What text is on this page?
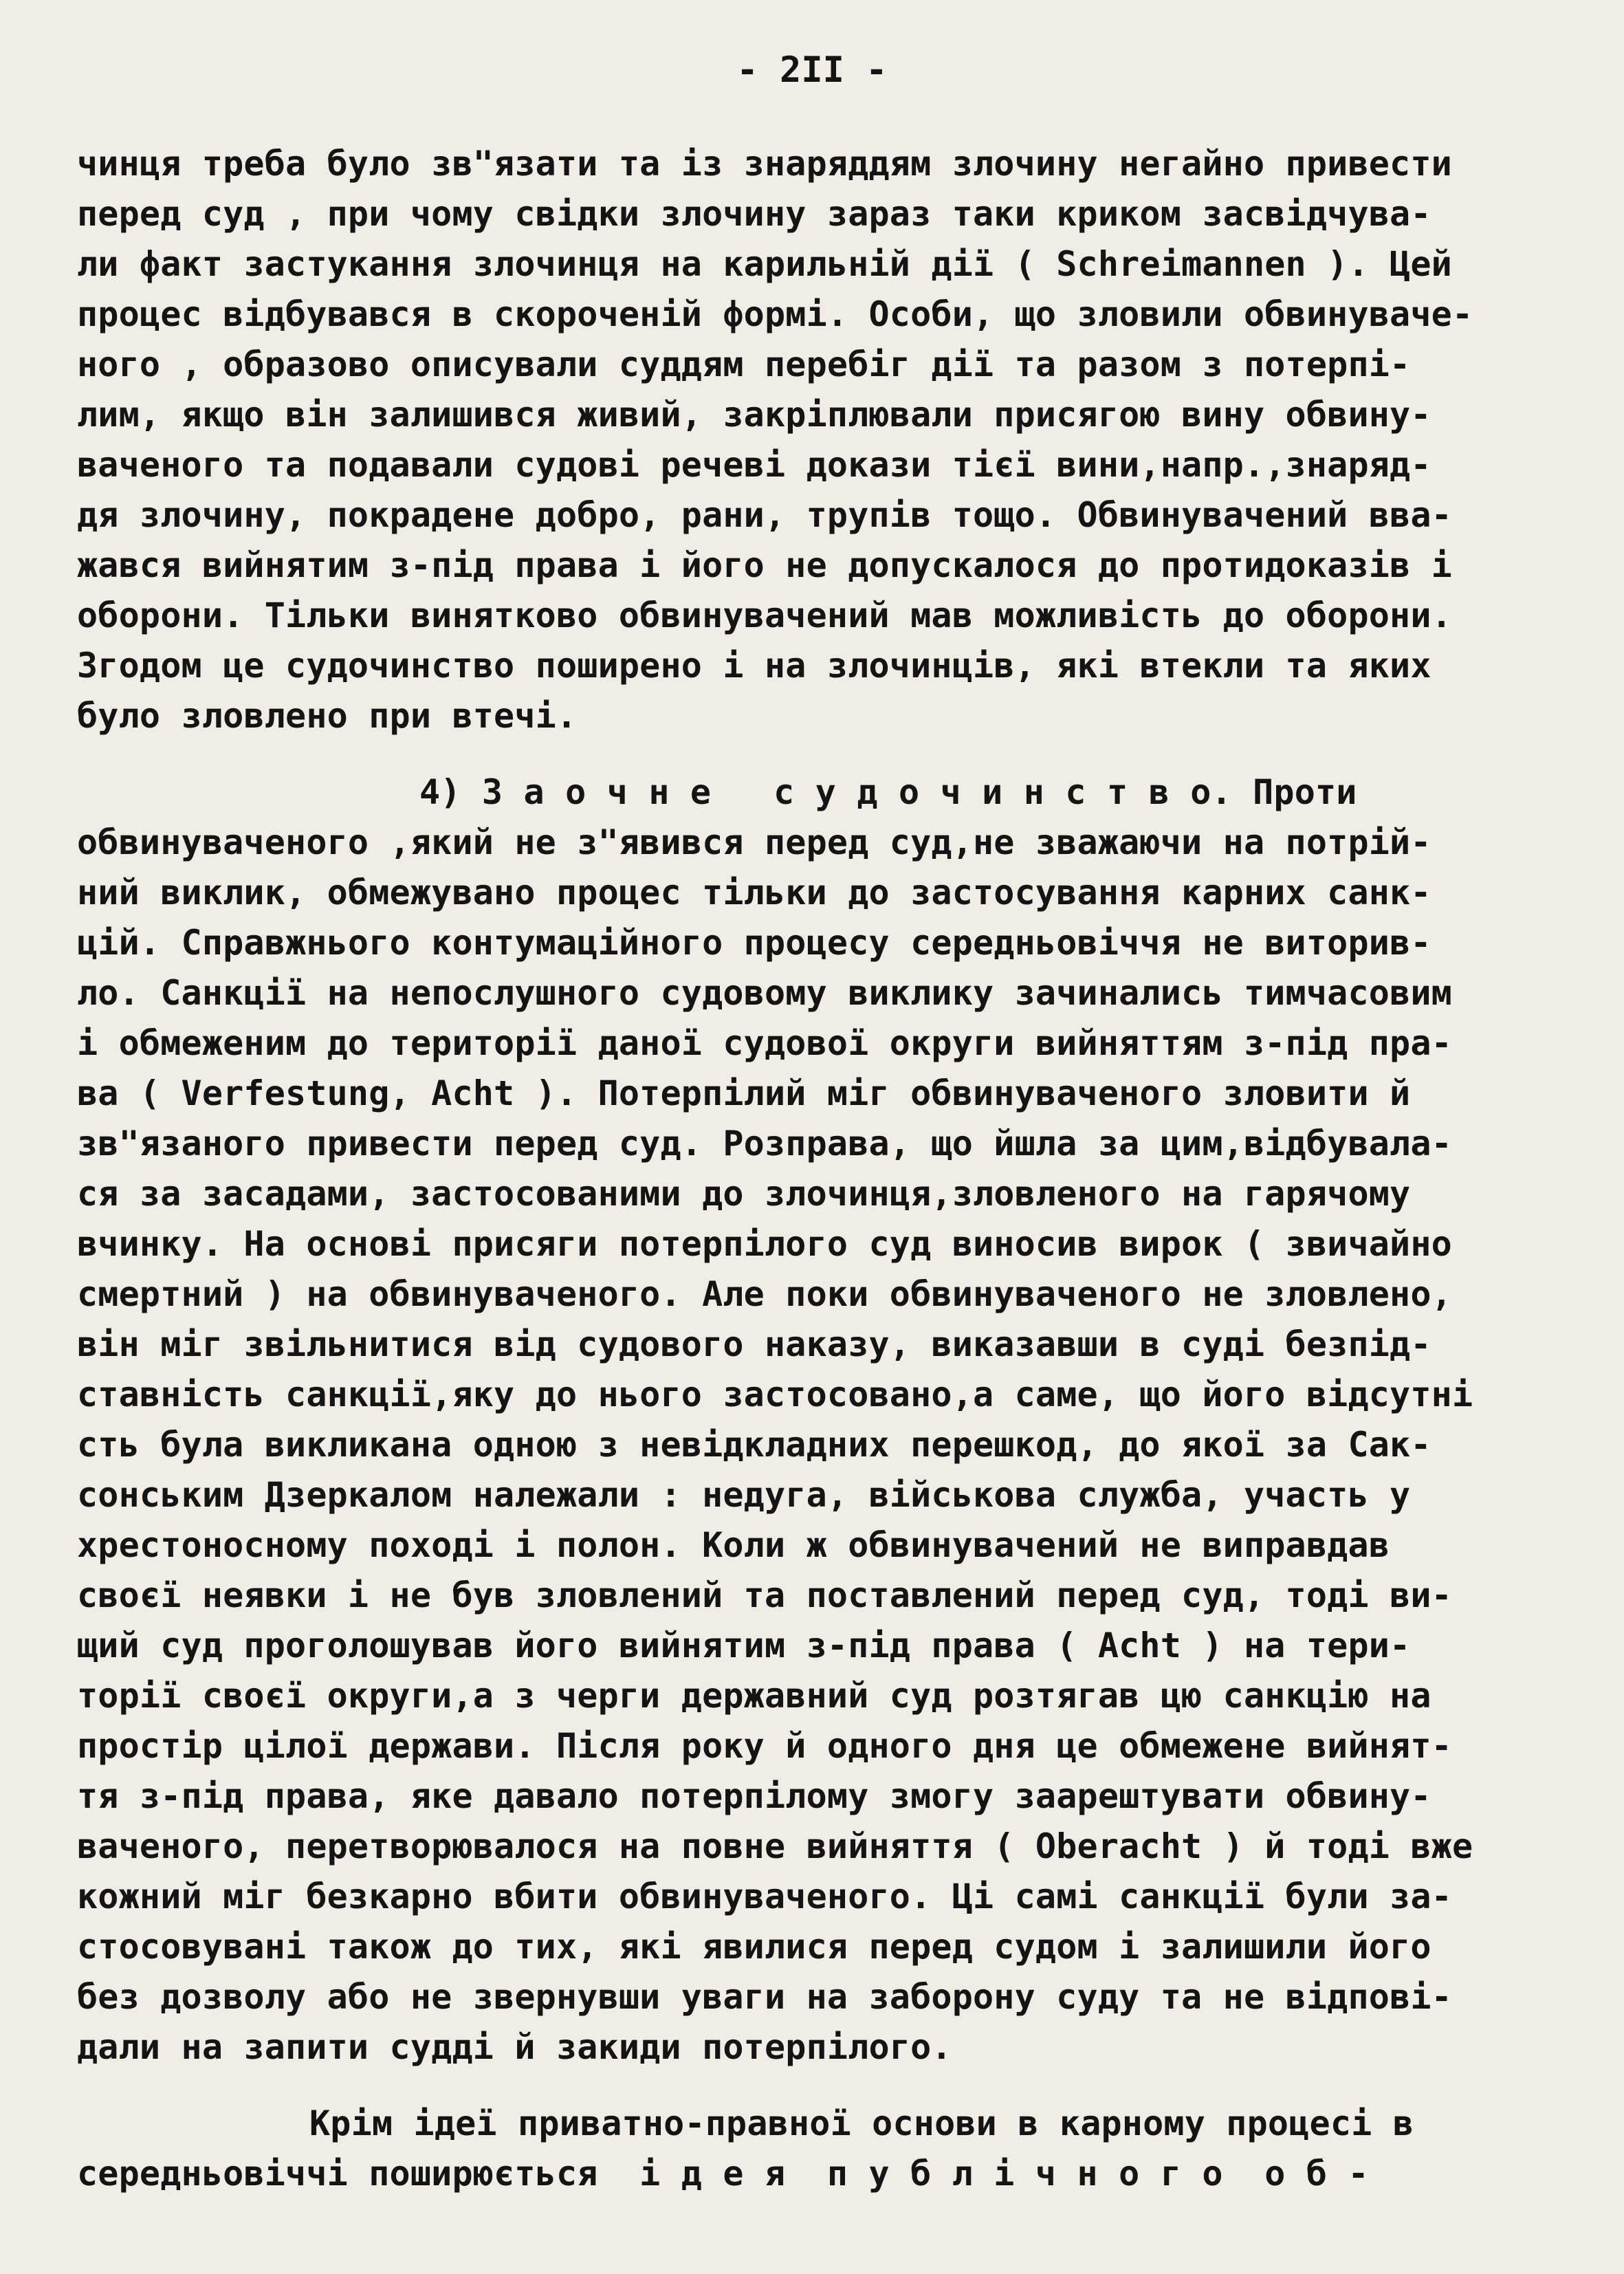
- 2II -
чинця треба було зв"язати та із знаряддям злочину негайно привести
перед суд , при чому свідки злочину зараз таки криком засвідчува-
ли факт застукання злочинця на карильній дії ( Schreimannen ). Цей
процес відбувався в скороченій формі. Особи, що зловили обвинуваче-
ного , образово описували суддям перебіг дії та разом з потерпі-
лим, якщо він залишився живий, закріплювали присягою вину обвину-
ваченого та подавали судові речеві докази тієї вини,напр.,знаряд-
дя злочину, покрадене добро, рани, трупів тощо. Обвинувачений вва-
жався вийнятим з-під права і його не допускалося до протидоказів і
оборони. Тільки винятково обвинувачений мав можливість до оборони.
Згодом це судочинство поширено і на злочинців, які втекли та яких
було зловлено при втечі.
4) З а о ч н е   с у д о ч и н с т в о. Проти
обвинуваченого ,який не з"явився перед суд,не зважаючи на потрій-
ний виклик, обмежувано процес тільки до застосування карних санк-
цій. Справжнього контумаційного процесу середньовіччя не виторив-
ло. Санкції на непослушного судовому виклику зачинались тимчасовим
і обмеженим до території даної судової округи вийняттям з-під пра-
ва ( Verfestung, Acht ). Потерпілий міг обвинуваченого зловити й
зв"язаного привести перед суд. Розправа, що йшла за цим,відбувала-
ся за засадами, застосованими до злочинця,зловленого на гарячому
вчинку. На основі присяги потерпілого суд виносив вирок ( звичайно
смертний ) на обвинуваченого. Але поки обвинуваченого не зловлено,
він міг звільнитися від судового наказу, виказавши в суді безпід-
ставність санкції,яку до нього застосовано,а саме, що його відсутні
сть була викликана одною з невідкладних перешкод, до якої за Сак-
сонським Дзеркалом належали : недуга, військова служба, участь у
хрестоносному поході і полон. Коли ж обвинувачений не виправдав
своєї неявки і не був зловлений та поставлений перед суд, тоді ви-
щий суд проголошував його вийнятим з-під права ( Acht ) на тери-
торії своєї округи,а з черги державний суд розтягав цю санкцію на
простір цілої держави. Після року й одного дня це обмежене вийнят-
тя з-під права, яке давало потерпілому змогу заарештувати обвину-
ваченого, перетворювалося на повне вийняття ( Oberacht ) й тоді вже
кожний міг безкарно вбити обвинуваченого. Ці самі санкції були за-
стосовувані також до тих, які явилися перед судом і залишили його
без дозволу або не звернувши уваги на заборону суду та не відпові-
дали на запити судді й закиди потерпілого.
Крім ідеї приватно-правної основи в карному процесі в
середньовіччі поширюється  і д е я  п у б л і ч н о г о  о б -
